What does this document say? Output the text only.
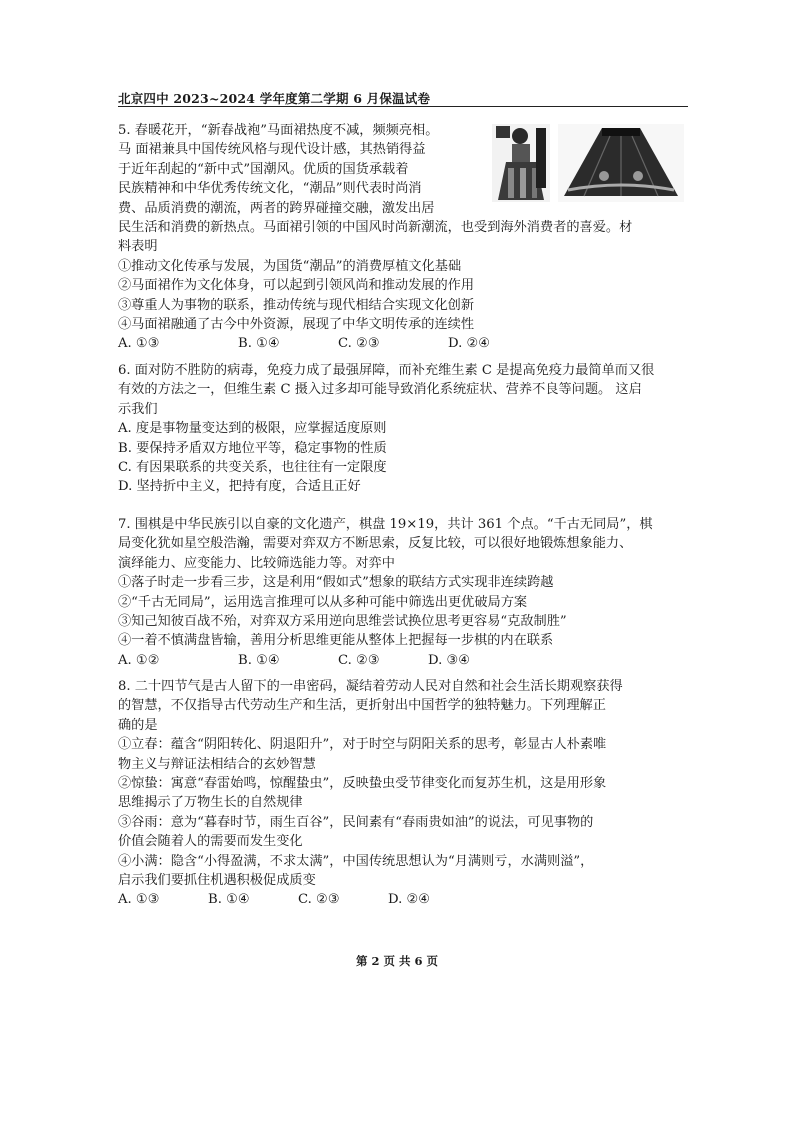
北京四中 2023~2024 学年度第二学期 6 月保温试卷
5. 春暖花开，“新春战袍”马面裙热度不减，频频亮相。
马 面裙兼具中国传统风格与现代设计感，其热销得益
于近年刮起的“新中式”国潮风。优质的国货承载着
民族精神和中华优秀传统文化，“潮品”则代表时尚消
费、品质消费的潮流，两者的跨界碰撞交融，激发出居
民生活和消费的新热点。马面裙引领的中国风时尚新潮流，也受到海外消费者的喜爱。材
料表明
①推动文化传承与发展，为国货“潮品”的消费厚植文化基础
②马面裙作为文化体身，可以起到引领风尚和推动发展的作用
③尊重人为事物的联系，推动传统与现代相结合实现文化创新
④马面裙融通了古今中外资源，展现了中华文明传承的连续性
A. ①③	B. ①④	C. ②③	D. ②④
6. 面对防不胜防的病毒，免疫力成了最强屏障，而补充维生素 C 是提高免疫力最简单而又很
有效的方法之一，但维生素 C 摄入过多却可能导致消化系统症状、营养不良等问题。 这启
示我们
A. 度是事物量变达到的极限，应掌握适度原则
B. 要保持矛盾双方地位平等，稳定事物的性质
C. 有因果联系的共变关系，也往往有一定限度
D. 坚持折中主义，把持有度，合适且正好
7. 围棋是中华民族引以自豪的文化遗产，棋盘 19×19，共计 361 个点。“千古无同局”，棋
局变化犹如星空般浩瀚，需要对弈双方不断思索，反复比较，可以很好地锻炼想象能力、
演绎能力、应变能力、比较筛选能力等。对弈中
①落子时走一步看三步，这是利用“假如式”想象的联结方式实现非连续跨越
②“千古无同局”，运用选言推理可以从多种可能中筛选出更优破局方案
③知己知彼百战不殆，对弈双方采用逆向思维尝试换位思考更容易“克敌制胜”
④一着不慎满盘皆输，善用分析思维更能从整体上把握每一步棋的内在联系
A. ①②	B. ①④	C. ②③	D. ③④
8. 二十四节气是古人留下的一串密码，凝结着劳动人民对自然和社会生活长期观察获得
的智慧，不仅指导古代劳动生产和生活，更折射出中国哲学的独特魅力。下列理解正
确的是
①立春：蕴含“阴阳转化、阴退阳升”，对于时空与阴阳关系的思考，彰显古人朴素唯
物主义与辩证法相结合的玄妙智慧
②惊蛰：寓意“春雷始鸣，惊醒蛰虫”，反映蛰虫受节律变化而复苏生机，这是用形象
思维揭示了万物生长的自然规律
③谷雨：意为“暮春时节，雨生百谷”，民间素有“春雨贵如油”的说法，可见事物的
价值会随着人的需要而发生变化
④小满：隐含“小得盈满，不求太满”，中国传统思想认为“月满则亏，水满则溢”，
启示我们要抓住机遇积极促成质变
A. ①③	B. ①④	C. ②③	D. ②④
第 2 页 共 6 页
